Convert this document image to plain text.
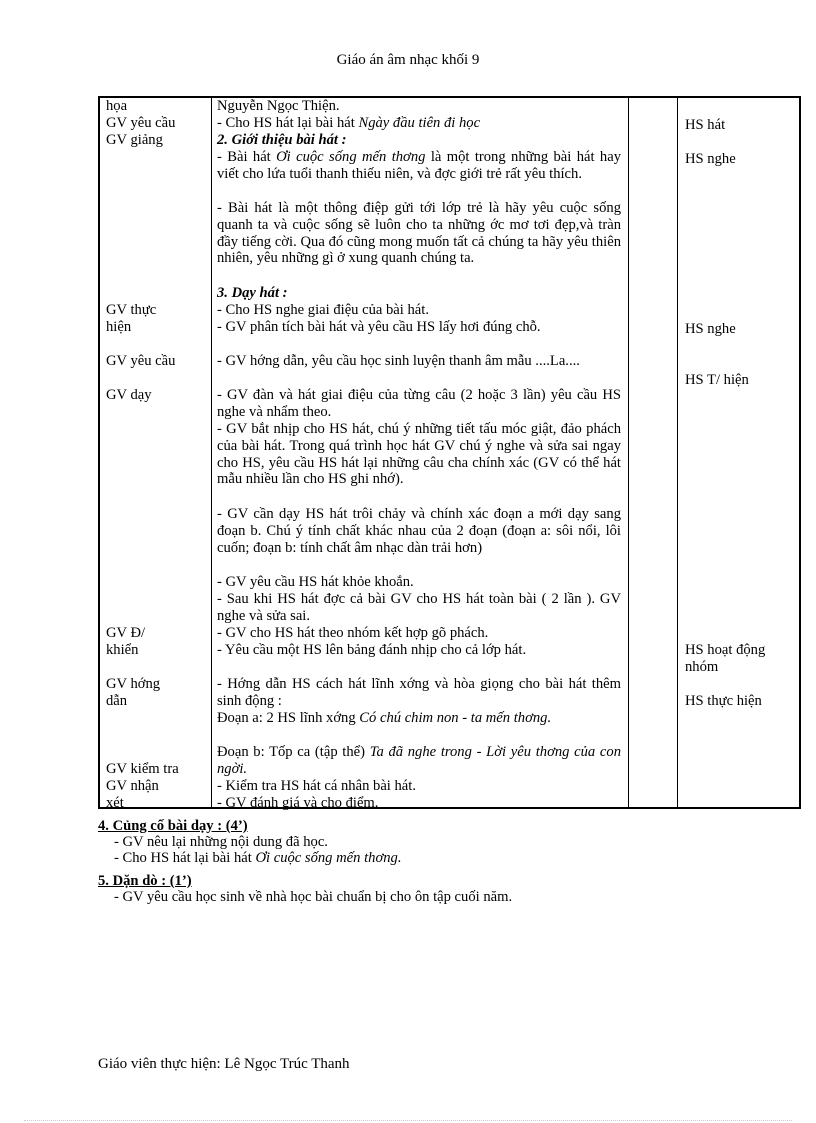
Giáo án âm nhạc khối 9
họa
GV yêu cầu
GV giảng
GV thực
hiện
GV yêu cầu
GV dạy
GV Đ/
khiển
GV hớng
dẫn
GV kiểm tra
GV nhận
xét
Nguyễn Ngọc Thiện.
- Cho HS hát lại bài hát Ngày đầu tiên đi học
2. Giới thiệu bài hát :
- Bài hát Ơi cuộc sống mến thơng là một trong những bài hát hay viết cho lứa tuổi thanh thiếu niên, và đợc giới trẻ rất yêu thích.
- Bài hát là một thông điệp gửi tới lớp trẻ là hãy yêu cuộc sống quanh ta và cuộc sống sẽ luôn cho ta những ớc mơ tơi đẹp,và tràn đầy tiếng cời. Qua đó cũng mong muốn tất cả chúng ta hãy yêu thiên nhiên, yêu những gì ở xung quanh chúng ta.
3. Dạy hát :
- Cho HS nghe giai điệu của bài hát.
- GV phân tích bài hát và yêu cầu HS lấy hơi đúng chỗ.
- GV hớng dẫn, yêu cầu học sinh luyện thanh âm mẫu ....La....
- GV đàn và hát giai điệu của từng câu (2 hoặc 3 lần) yêu cầu HS nghe và nhẩm theo.
- GV bắt nhịp cho HS hát, chú ý những tiết tấu móc giật, đảo phách của bài hát. Trong quá trình học hát GV chú ý nghe và sửa sai ngay cho HS, yêu cầu HS hát lại những câu cha chính xác (GV có thể hát mẫu nhiều lần cho HS ghi nhớ).
- GV cần dạy HS hát trôi chảy và chính xác đoạn a mới dạy sang đoạn b. Chú ý tính chất khác nhau của 2 đoạn (đoạn a: sôi nổi, lôi cuốn; đoạn b: tính chất âm nhạc dàn trải hơn)
- GV yêu cầu HS hát khỏe khoắn.
- Sau khi HS hát đợc cả bài GV cho HS hát toàn bài ( 2 lần ). GV nghe và sửa sai.
- GV cho HS hát theo nhóm kết hợp gõ phách.
- Yêu cầu một HS lên bảng đánh nhịp cho cả lớp hát.
- Hớng dẫn HS cách hát lĩnh xớng và hòa giọng cho bài hát thêm sinh động :
Đoạn a: 2 HS lĩnh xớng Có chú chim non - ta mến thơng.
Đoạn b: Tốp ca (tập thể) Ta đã nghe trong - Lời yêu thơng của con ngời.
- Kiểm tra HS hát cá nhân bài hát.
- GV đánh giá và cho điểm.
HS hát
HS nghe
HS nghe
HS T/ hiện
HS hoạt động
nhóm
HS thực hiện
4. Củng cố bài dạy : (4’)
- GV nêu lại những nội dung đã học.
- Cho HS hát lại bài hát Ơi cuộc sống mến thơng.
5. Dặn dò : (1’)
- GV yêu cầu học sinh về nhà học bài chuẩn bị cho ôn tập cuối năm.
Giáo viên thực hiện: Lê Ngọc Trúc Thanh
